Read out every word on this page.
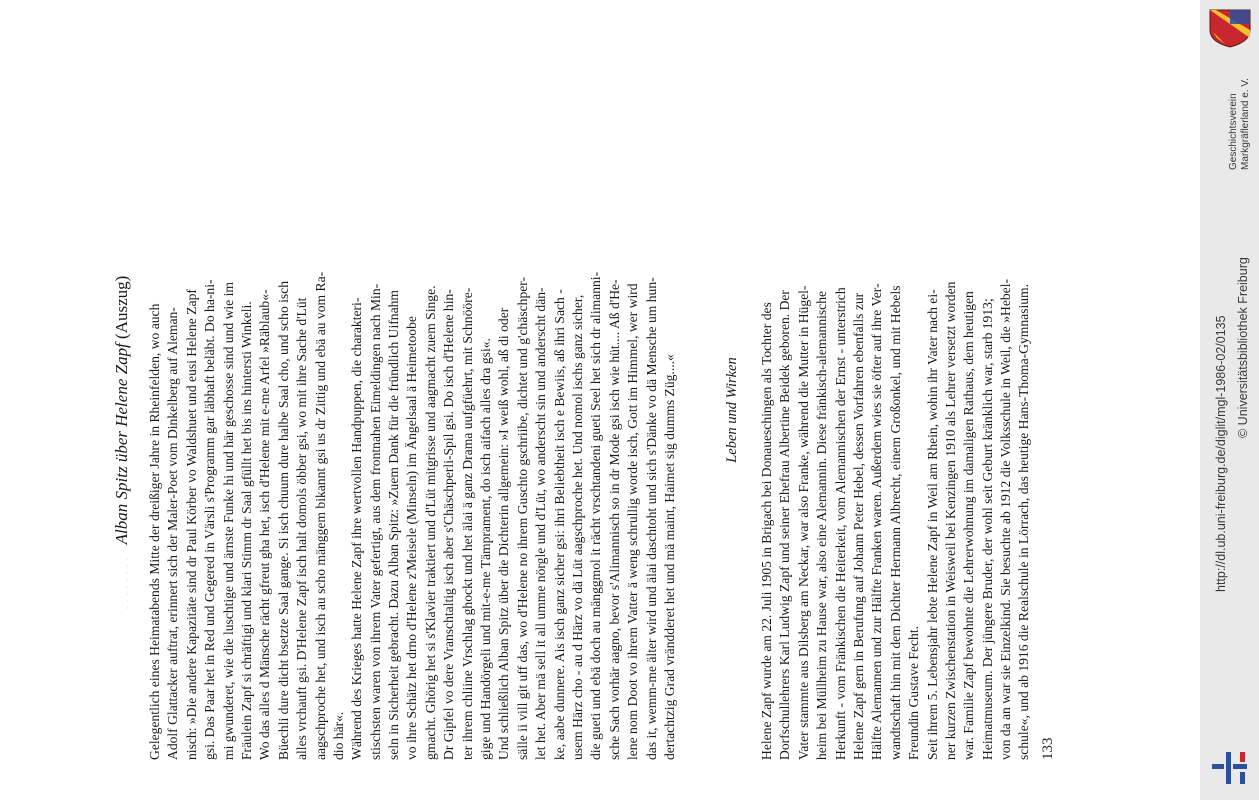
· · · · · · · ·
Alban Spitz über Helene Zapf (Auszug) Gelegentlich eines Heimatabends Mitte der dreißiger Jahre in Rheinfelden, wo auch Adolf Glattacker auftrat, erinnert sich der Maler-Poet vom Dinkelberg auf Aleman- nisch: »Die andere Kapazitäte sind dr Paul Körber vo Waldshuet und eusi Helene Zapf gsi. Das Paar het in Red und Gegered in Värsli s'Programm gar läbhaft beläbt. Do ha-ni- mi gwunderet, wie die luschtige und ärnste Funke hi und här geschosse sind und wie im Fräulein Zapf si chräftigi und klari Stimm dr Saal gfüllt het bis ins hintersti Winkeli. Wo das alles d Mänsche rächt gfreut gha het, isch d'Helene mit e-me Arfel »Räblaub«- Büechli dure dicht bsetzte Saal gange. Si isch chuum dure halbe Saal cho, und scho isch alles vrchauft gsi. D'Helene Zapf isch halt domols öbber gsi, wo mit ihre Sache d'Lüt aagschproche het, und isch au scho mänggem bikannt gsi us dr Zittig und ebä au vom Ra- dio här«. Während des Krieges hatte Helene Zapf ihre wertvollen Handpuppen, die charakteri- stischsten waren von ihrem Vater gefertigt, aus dem frontnahen Eimeldingen nach Min- seln in Sicherheit gebracht. Dazu Alban Spitz: »Zuem Dank für die fründlich Uifnahm vo ihre Schätz het drno d'Helene z'Meisele (Minseln) im Ängelsaal ä Heimetoobe gmacht. Ghörig het si s'Klavier traktiert und d'Lüt mitgrisse und aagmacht zuem Singe. Dr Gipfel vo dere Vranschtaltig isch aber s'Chäschperli-Spil gsi. Do isch d'Helene hin- ter ihrem chliine Vrschlag ghockt und het älai ä ganz Drama uufgfüehrt, mit Schnööre- gige und Handörgeli und mit-e-me Tämprament, do isch aifach alles dra gsi«. Und schließlich Alban Spitz über die Dichterin allgemein: »I weiß wohl, aß di oder sälle ii vill git uff das, wo d'Helene no ihrem Guschto gschriibe, dichtet und g'chäschper- let het. Aber mä sell it all umme nörgle und d'Lüt, wo anderscht sin und anderscht dän- ke, aabe dunnere. Ais isch ganz sicher gsi: ihri Beliebtheit isch e Bewiis, aß ihri Sach - usem Härz cho - au d Härz vo dä Lüt aagschproche het. Und nomol ischs ganz sicher, die gueti und ebä doch au mänggmol it rächt vrschtandeni gueti Seel het sich dr alimanni- sche Sach vorhär aagno, bevor s'Alimannisch so in dr Mode gsi isch wie hüt.... Aß d'He- lene nom Doot vo ihrem Vatter ä weng schrullig worde isch, Gott im Himmel, wer wird das it, wemm-me älter wird und älai daschtoht und sich s'Dänke vo dä Mensche um hun- dertachtzig Grad vrändderet het und mä maint, Haimet sig dumms Züg....«	Leben und Wirken Helene Zapf wurde am 22. Juli 1905 in Brigach bei Donaueschingen als Tochter des Dorfschullehrers Karl Ludwig Zapf und seiner Ehefrau Albertine Beidek geboren. Der Vater stammte aus Dilsberg am Neckar, war also Franke, während die Mutter in Hügel- heim bei Müllheim zu Hause war, also eine Alemannin. Diese fränkisch-alemannische Herkunft - vom Fränkischen die Heiterkeit, vom Alemannischen der Ernst - unterstrich Helene Zapf gern in Berufung auf Johann Peter Hebel, dessen Vorfahren ebenfalls zur Hälfte Alemannen und zur Hälfte Franken waren. Außerdem wies sie öfter auf ihre Ver- wandtschaft hin mit dem Dichter Hermann Albrecht, einem Großonkel, und mit Hebels Freundin Gustave Fecht. Seit ihrem 5. Lebensjahr lebte Helene Zapf in Weil am Rhein, wohin ihr Vater nach ei- ner kurzen Zwischenstation in Weisweil bei Kenzingen 1910 als Lehrer versetzt worden war. Familie Zapf bewohnte die Lehrerwohnung im damaligen Rathaus, dem heutigen Heimatmuseum. Der jüngere Bruder, der wohl seit Geburt kränklich war, starb 1913; von da an war sie Einzelkind. Sie besuchte ab 1912 die Volksschule in Weil, die »Hebel- schule«, und ab 1916 die Realschule in Lörrach, das heutige Hans-Thoma-Gymnasium. 133
Geschichtsverein Markgräflerland e. V.
http://dl.ub.uni-freiburg.de/diglit/mgl-1986-02/0135 © Universitätsbibliothek Freiburg
